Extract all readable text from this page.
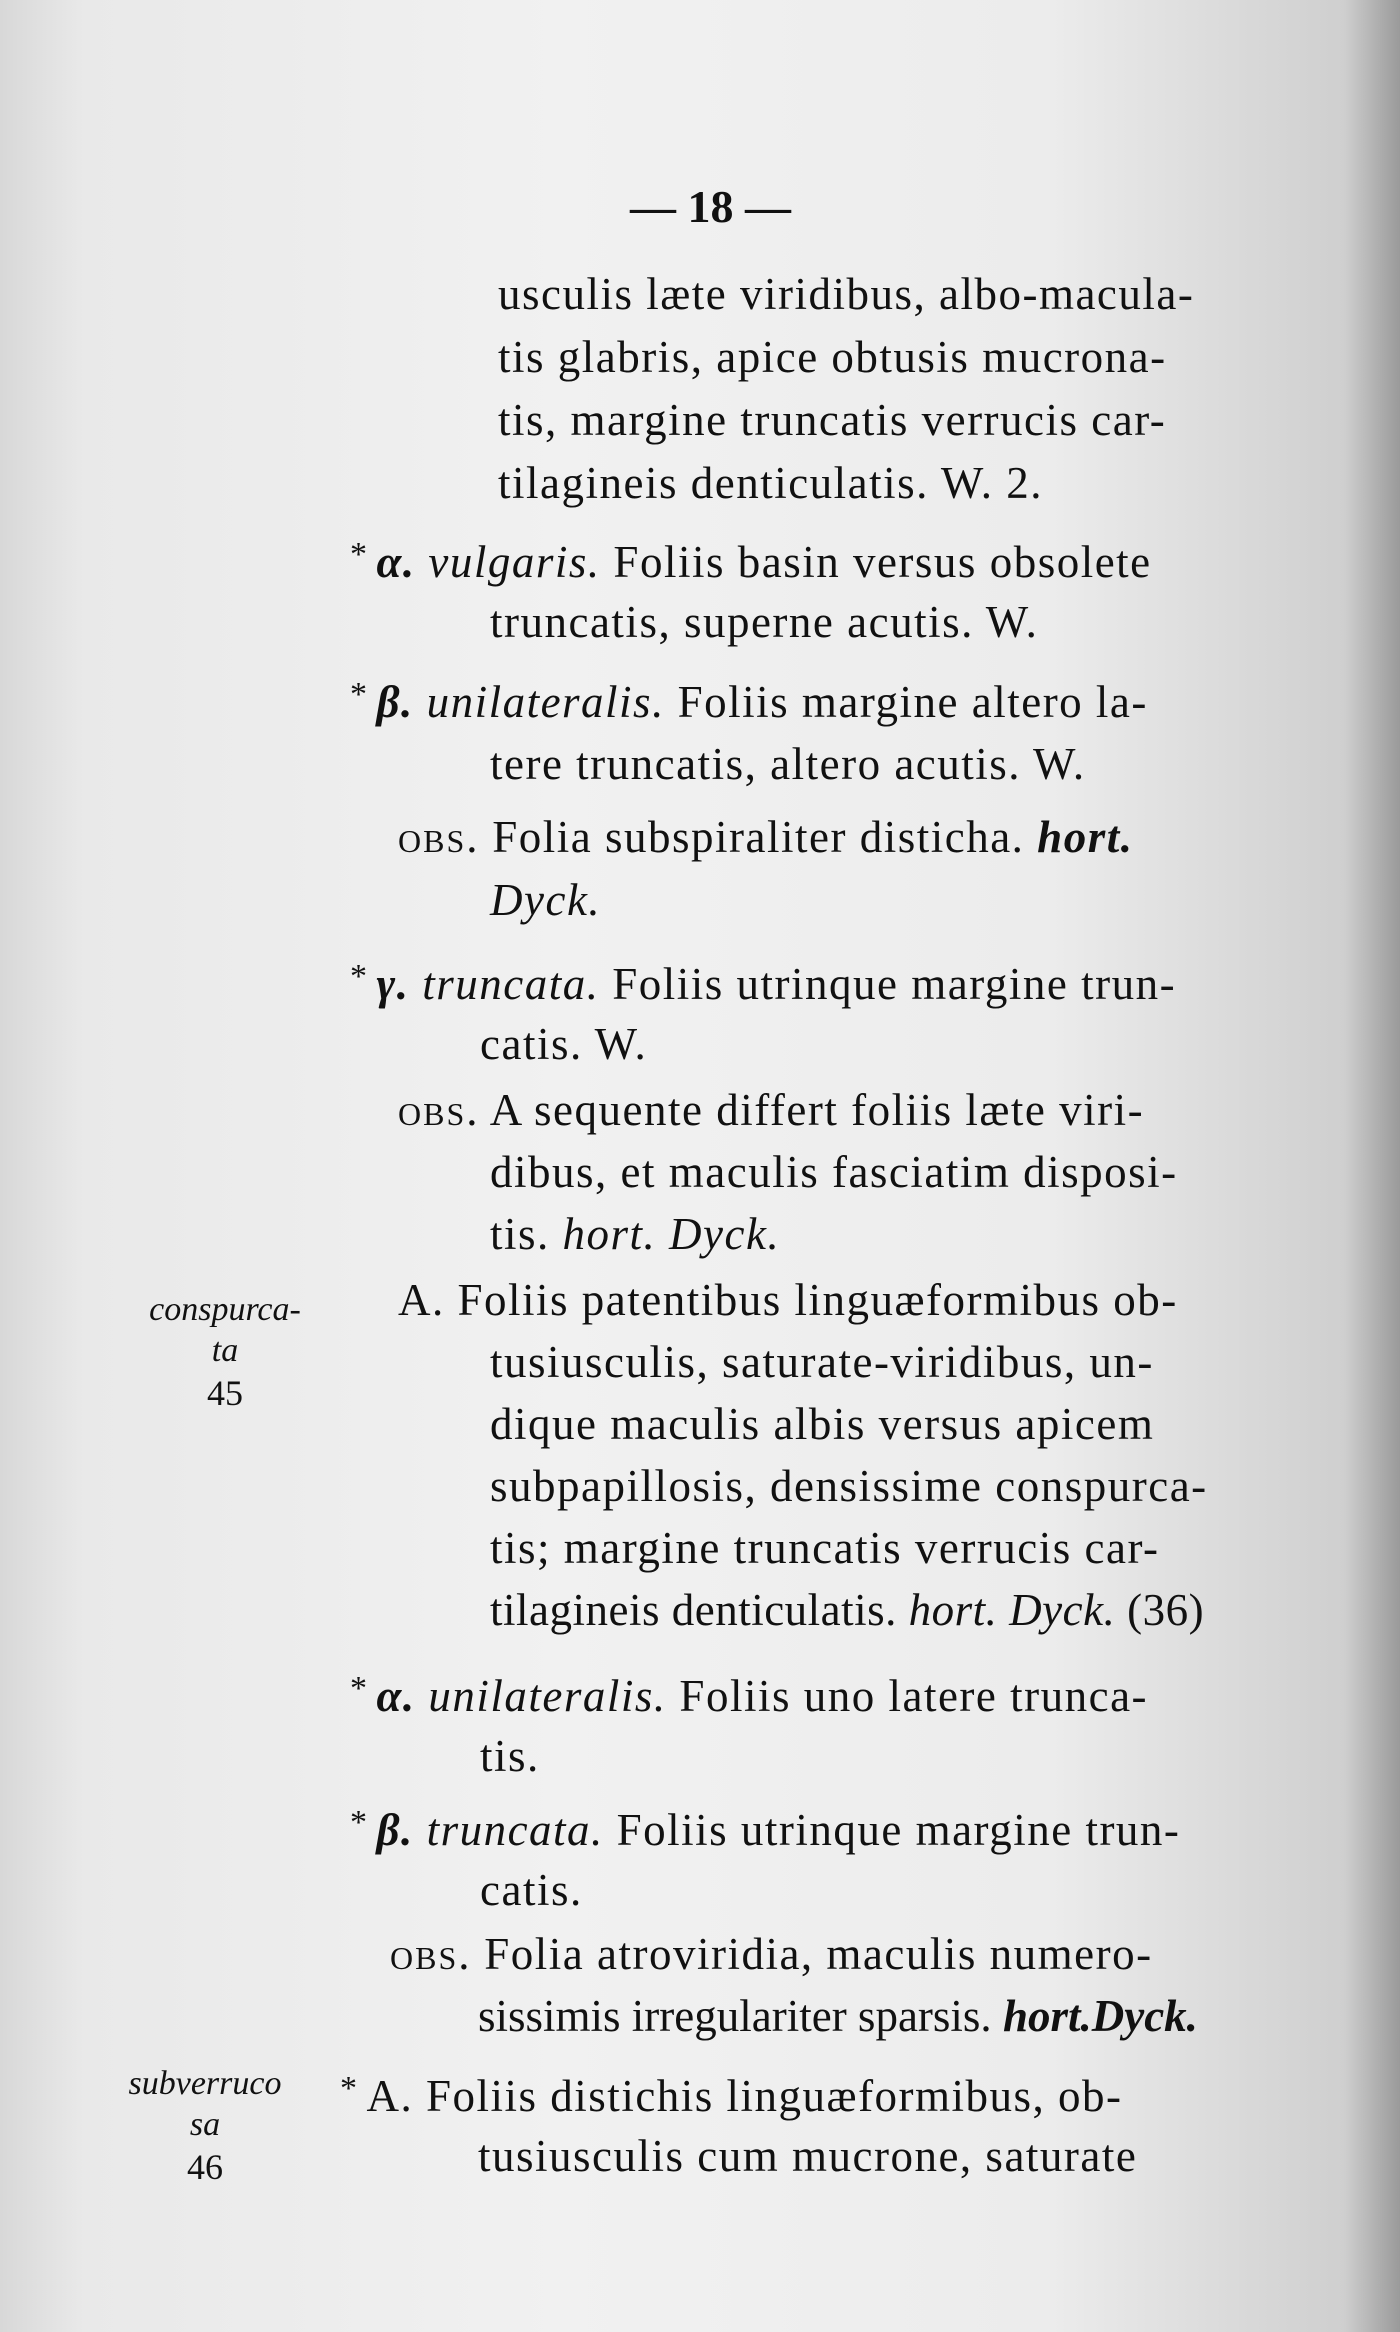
— 18 —
usculis læte viridibus, albo-macula-
tis glabris, apice obtusis mucrona-
tis, margine truncatis verrucis car-
tilagineis denticulatis. W. 2.
* α. vulgaris. Foliis basin versus obsolete
truncatis, superne acutis. W.
* β. unilateralis. Foliis margine altero la-
tere truncatis, altero acutis. W.
obs. Folia subspiraliter disticha. hort.
Dyck.
* γ. truncata. Foliis utrinque margine trun-
catis. W.
obs. A sequente differt foliis læte viri-
dibus, et maculis fasciatim disposi-
tis. hort. Dyck.
conspurca-
ta
45
A. Foliis patentibus linguæformibus ob-
tusiusculis, saturate-viridibus, un-
dique maculis albis versus apicem
subpapillosis, densissime conspurca-
tis; margine truncatis verrucis car-
tilagineis denticulatis. hort. Dyck. (36)
* α. unilateralis. Foliis uno latere trunca-
tis.
* β. truncata. Foliis utrinque margine trun-
catis.
obs. Folia atroviridia, maculis numero-
sissimis irregulariter sparsis. hort.Dyck.
subverruco
sa
46
* A. Foliis distichis linguæformibus, ob-
tusiusculis cum mucrone, saturate
